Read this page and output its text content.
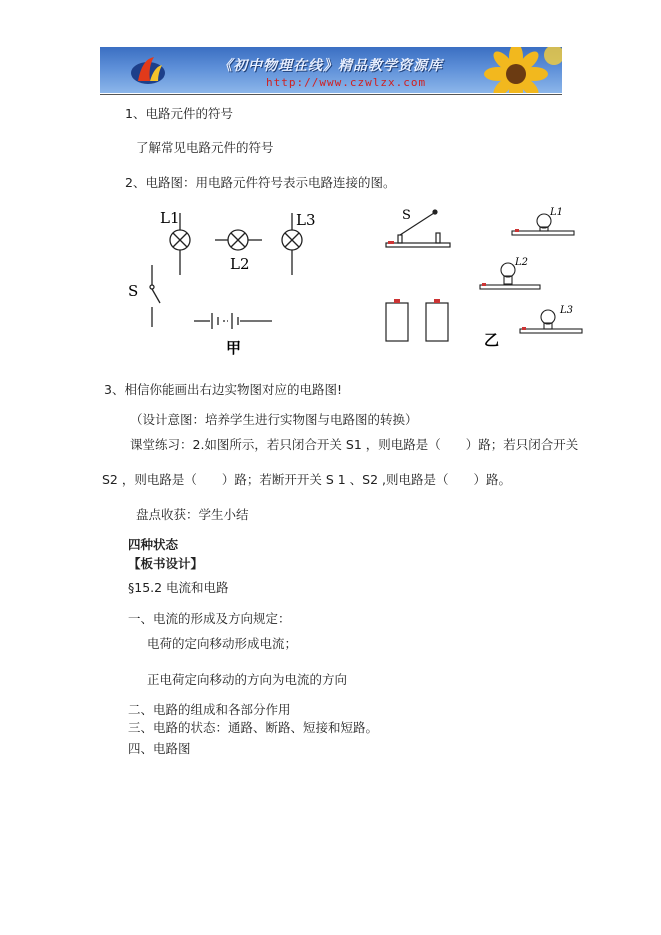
《初中物理在线》精品教学资源库
http://www.czwlzx.com
1、电路元件的符号
了解常见电路元件的符号
2、电路图：用电路元件符号表示电路连接的图。
L1
L2
L3
S
甲
S	L1
L2
L3
乙
3、相信你能画出右边实物图对应的电路图!
（设计意图：培养学生进行实物图与电路图的转换）
课堂练习：2.如图所示，若只闭合开关 S1 ，则电路是（　　）路；若只闭合开关
S2 ，则电路是（　　）路；若断开开关 S 1 、S2 ,则电路是（　　）路。
盘点收获：学生小结
四种状态
【板书设计】
§15.2 电流和电路
一、电流的形成及方向规定：
电荷的定向移动形成电流；
正电荷定向移动的方向为电流的方向
二、电路的组成和各部分作用
三、电路的状态：通路、断路、短接和短路。
四、电路图
